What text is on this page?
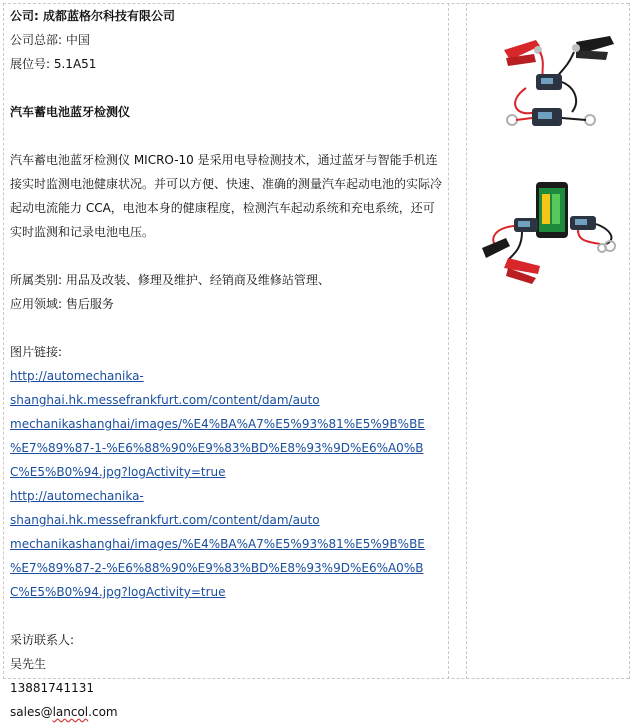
公司: 成都蓝格尔科技有限公司
公司总部: 中国
展位号: 5.1A51
汽车蓄电池蓝牙检测仪
汽车蓄电池蓝牙检测仪 MICRO-10 是采用电导检测技术，通过蓝牙与智能手机连接实时监测电池健康状况。并可以方便、快速、准确的测量汽车起动电池的实际冷起动电流能力 CCA，电池本身的健康程度，检测汽车起动系统和充电系统，还可实时监测和记录电池电压。
所属类别: 用品及改装、修理及维护、经销商及维修站管理、
应用领域: 售后服务
图片链接:
http://automechanika-shanghai.hk.messefrankfurt.com/content/dam/auto
mechanikashanghai/images/%E4%BA%A7%E5%93%81%E5%9B%BE
%E7%89%87-1-%E6%88%90%E9%83%BD%E8%93%9D%E6%A0%B
C%E5%B0%94.jpg?logActivity=true
http://automechanika-shanghai.hk.messefrankfurt.com/content/dam/auto
mechanikashanghai/images/%E4%BA%A7%E5%93%81%E5%9B%BE
%E7%89%87-2-%E6%88%90%E9%83%BD%E8%93%9D%E6%A0%B
C%E5%B0%94.jpg?logActivity=true
采访联系人:
吴先生
13881741131
sales@lancol.com
